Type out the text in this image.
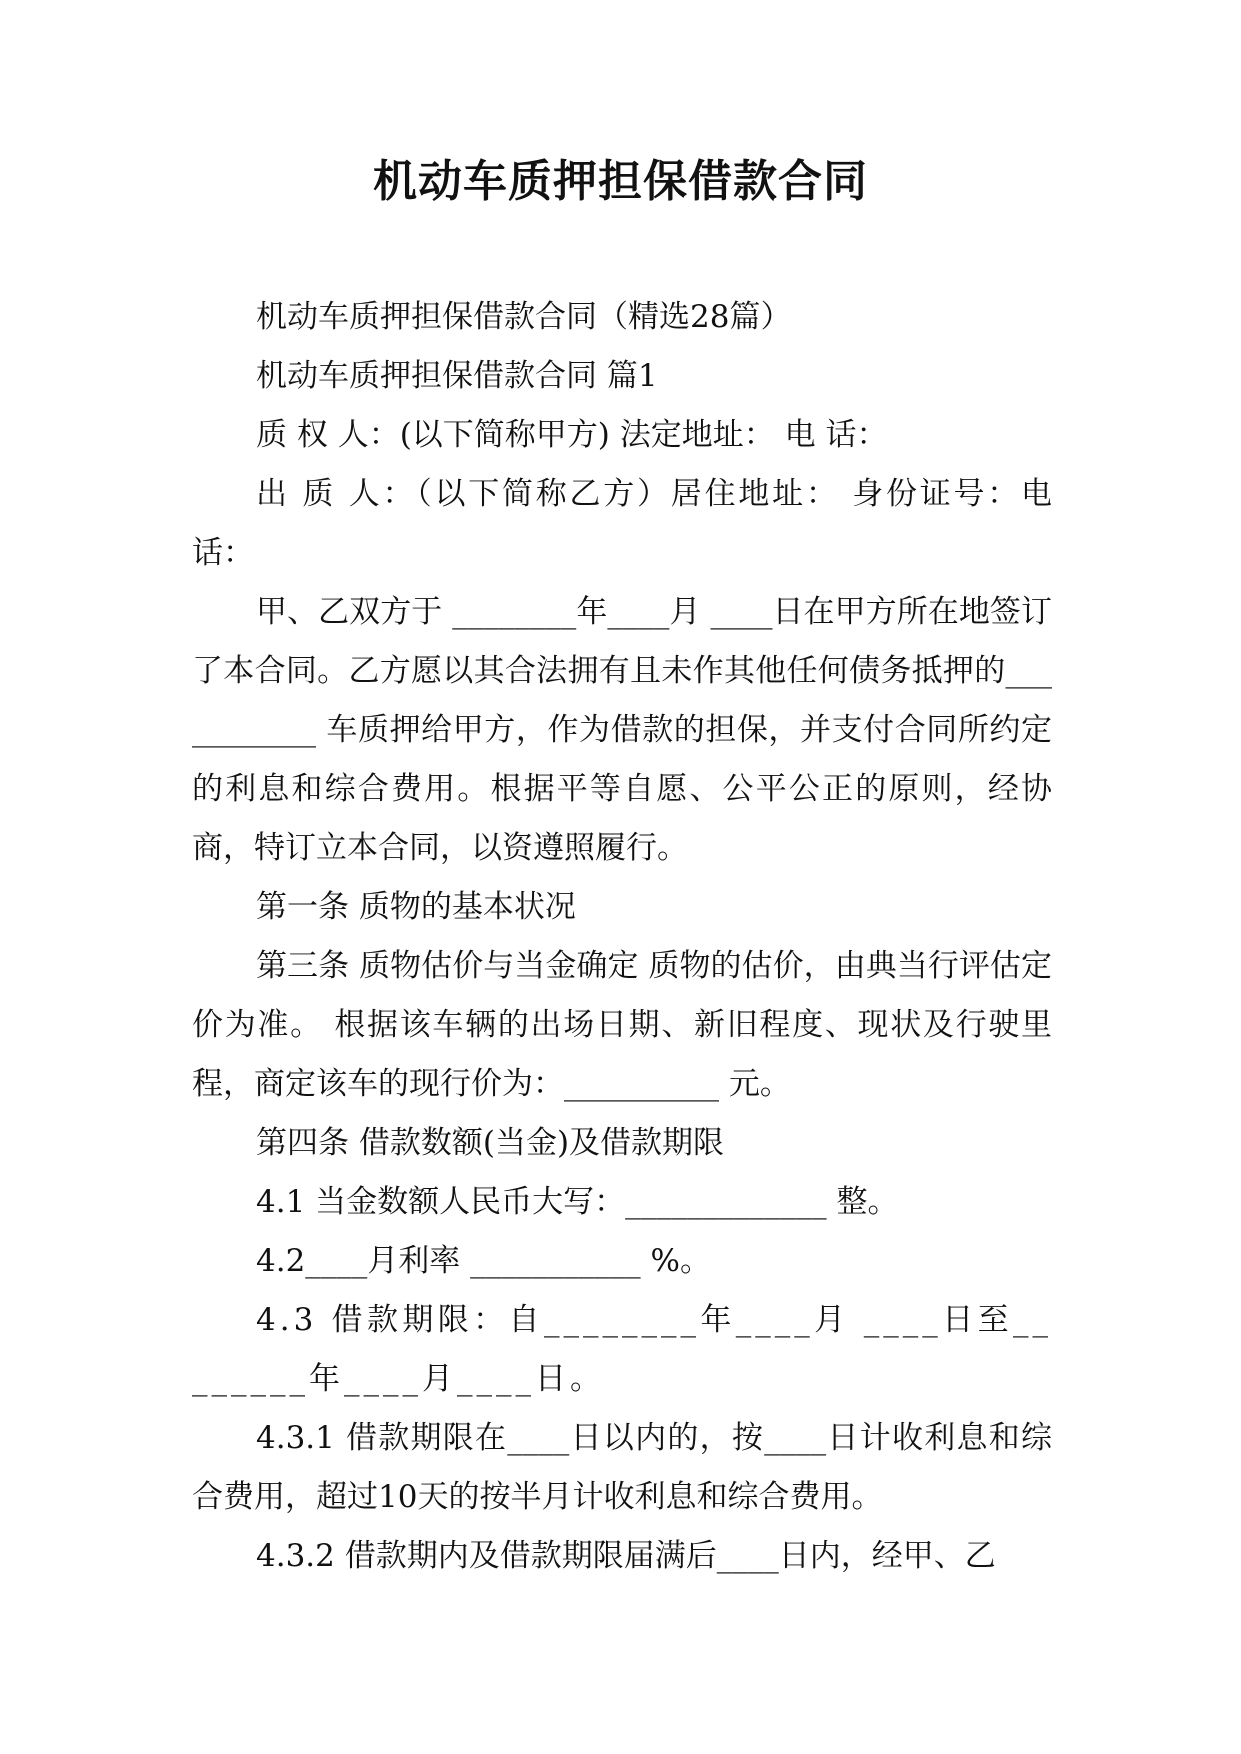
机动车质押担保借款合同

机动车质押担保借款合同（精选28篇）

机动车质押担保借款合同 篇1

质 权 人：(以下简称甲方) 法定地址： 电 话：

出 质 人：（以下简称乙方）居住地址： 身份证号：电 话：

甲、乙双方于 ________年____月 ____日在甲方所在地签订了本合同。乙方愿以其合法拥有且未作其他任何债务抵押的___________ 车质押给甲方，作为借款的担保，并支付合同所约定的利息和综合费用。根据平等自愿、公平公正的原则，经协商，特订立本合同，以资遵照履行。

第一条 质物的基本状况

第三条 质物估价与当金确定 质物的估价，由典当行评估定价为准。 根据该车辆的出场日期、新旧程度、现状及行驶里程，商定该车的现行价为：__________ 元。

第四条 借款数额(当金)及借款期限

4.1 当金数额人民币大写：_____________ 整。

4.2____月利率 ___________ %。

4.3 借款期限：自________年____月 ____日至________年____月____日。

4.3.1 借款期限在____日以内的，按____日计收利息和综合费用，超过10天的按半月计收利息和综合费用。

4.3.2 借款期内及借款期限届满后____日内，经甲、乙
